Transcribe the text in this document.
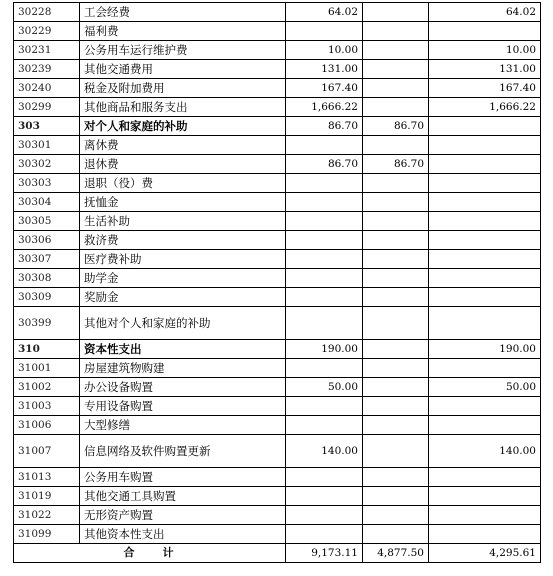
30228	工会经费	64.02		64.02
30229	福利费			
30231	公务用车运行维护费	10.00		10.00
30239	其他交通费用	131.00		131.00
30240	税金及附加费用	167.40		167.40
30299	其他商品和服务支出	1,666.22		1,666.22
303	对个人和家庭的补助	86.70	86.70	
30301	离休费			
30302	退休费	86.70	86.70	
30303	退职（役）费			
30304	抚恤金			
30305	生活补助			
30306	救济费			
30307	医疗费补助			
30308	助学金			
30309	奖励金			
30399	其他对个人和家庭的补助			
310	资本性支出	190.00		190.00
31001	房屋建筑物购建			
31002	办公设备购置	50.00		50.00
31003	专用设备购置			
31006	大型修缮			
31007	信息网络及软件购置更新	140.00		140.00
31013	公务用车购置			
31019	其他交通工具购置			
31022	无形资产购置			
31099	其他资本性支出			
合计		9,173.11	4,877.50	4,295.61
